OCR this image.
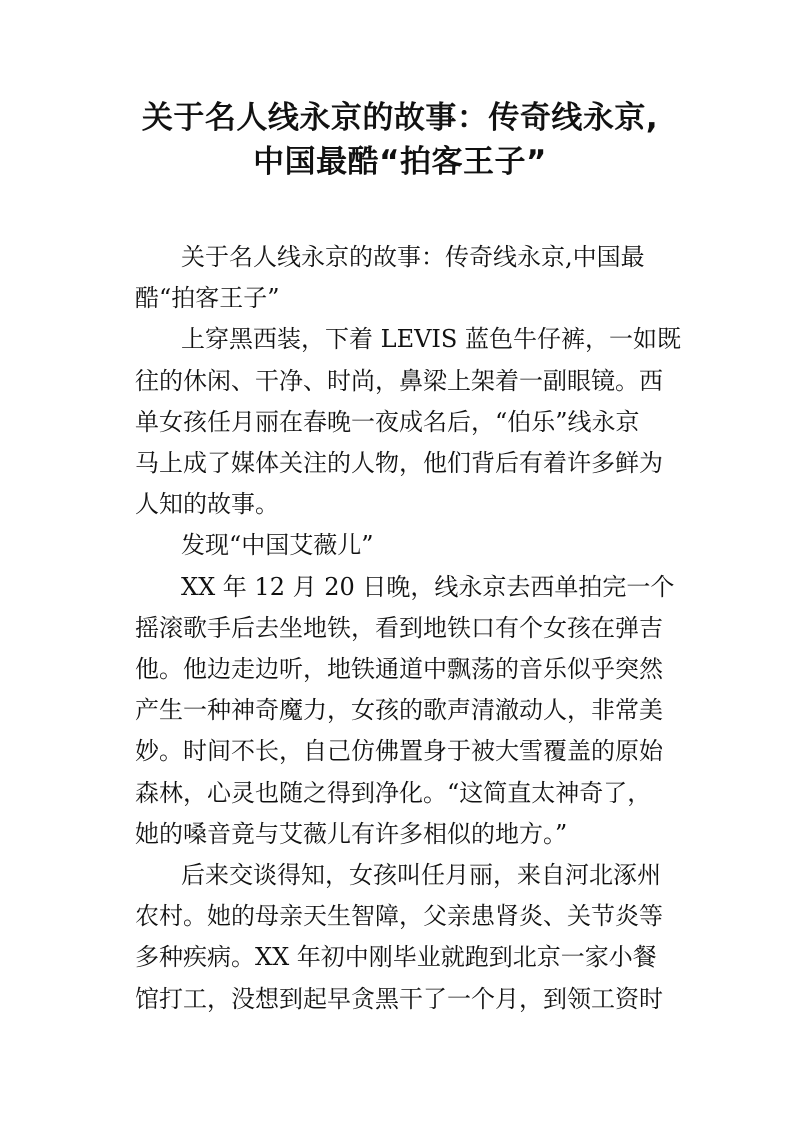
关于名人线永京的故事：传奇线永京,
中国最酷“拍客王子”
关于名人线永京的故事：传奇线永京,中国最
酷“拍客王子”
上穿黑西装，下着 LEVIS 蓝色牛仔裤，一如既
往的休闲、干净、时尚，鼻梁上架着一副眼镜。西
单女孩任月丽在春晚一夜成名后，“伯乐”线永京
马上成了媒体关注的人物，他们背后有着许多鲜为
人知的故事。
发现“中国艾薇儿”
XX 年 12 月 20 日晚，线永京去西单拍完一个
摇滚歌手后去坐地铁，看到地铁口有个女孩在弹吉
他。他边走边听，地铁通道中飘荡的音乐似乎突然
产生一种神奇魔力，女孩的歌声清澈动人，非常美
妙。时间不长，自己仿佛置身于被大雪覆盖的原始
森林，心灵也随之得到净化。“这简直太神奇了，
她的嗓音竟与艾薇儿有许多相似的地方。”
后来交谈得知，女孩叫任月丽，来自河北涿州
农村。她的母亲天生智障，父亲患肾炎、关节炎等
多种疾病。XX 年初中刚毕业就跑到北京一家小餐
馆打工，没想到起早贪黑干了一个月，到领工资时
